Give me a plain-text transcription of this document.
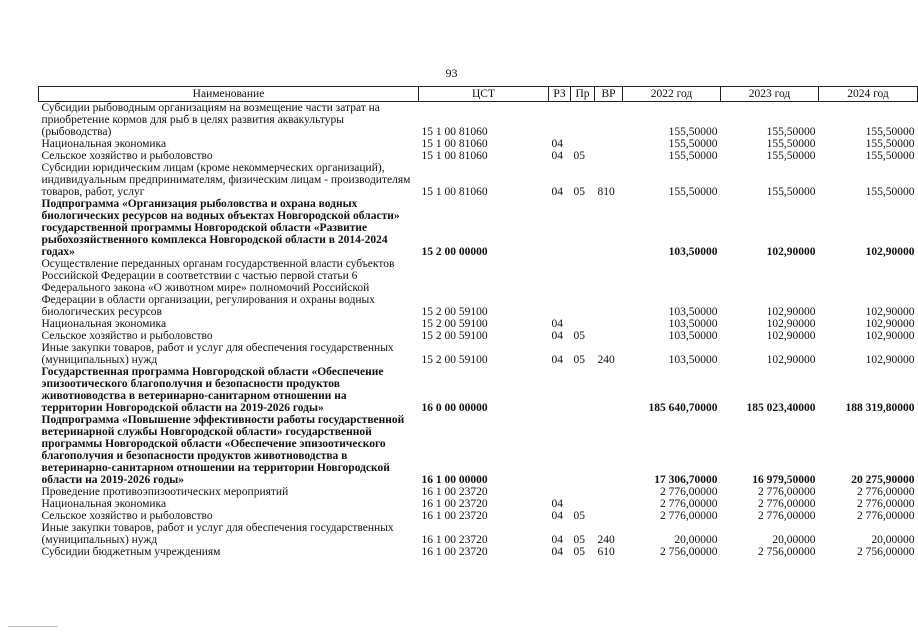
93
Наименование	ЦСТ	РЗ	Пр	ВР	2022 год	2023 год	2024 год
Субсидии рыбоводным организациям на возмещение части затрат на приобретение кормов для рыб в целях развития аквакультуры (рыбоводства)	15 1 00 81060				155,50000	155,50000	155,50000
Национальная экономика	15 1 00 81060	04			155,50000	155,50000	155,50000
Сельское хозяйство и рыболовство	15 1 00 81060	04	05		155,50000	155,50000	155,50000
Субсидии юридическим лицам (кроме некоммерческих организаций), индивидуальным предпринимателям, физическим лицам - производителям товаров, работ, услуг	15 1 00 81060	04	05	810	155,50000	155,50000	155,50000
Подпрограмма «Организация рыболовства и охрана водных биологических ресурсов на водных объектах Новгородской области» государственной программы Новгородской области «Развитие рыбохозяйственного комплекса Новгородской области в 2014-2024 годах»	15 2 00 00000				103,50000	102,90000	102,90000
Осуществление переданных органам государственной власти субъектов Российской Федерации в соответствии с частью первой статьи 6 Федерального закона «О животном мире» полномочий Российской Федерации в области организации, регулирования и охраны водных биологических ресурсов	15 2 00 59100				103,50000	102,90000	102,90000
Национальная экономика	15 2 00 59100	04			103,50000	102,90000	102,90000
Сельское хозяйство и рыболовство	15 2 00 59100	04	05		103,50000	102,90000	102,90000
Иные закупки товаров, работ и услуг для обеспечения государственных (муниципальных) нужд	15 2 00 59100	04	05	240	103,50000	102,90000	102,90000
Государственная программа Новгородской области «Обеспечение эпизоотического благополучия и безопасности продуктов животноводства в ветеринарно-санитарном отношении на территории Новгородской области на 2019-2026 годы»	16 0 00 00000				185 640,70000	185 023,40000	188 319,80000
Подпрограмма «Повышение эффективности работы государственной ветеринарной службы Новгородской области» государственной программы Новгородской области «Обеспечение эпизоотического благополучия и безопасности продуктов животноводства в ветеринарно-санитарном отношении на территории Новгородской области на 2019-2026 годы»	16 1 00 00000				17 306,70000	16 979,50000	20 275,90000
Проведение противоэпизоотических мероприятий	16 1 00 23720				2 776,00000	2 776,00000	2 776,00000
Национальная экономика	16 1 00 23720	04			2 776,00000	2 776,00000	2 776,00000
Сельское хозяйство и рыболовство	16 1 00 23720	04	05		2 776,00000	2 776,00000	2 776,00000
Иные закупки товаров, работ и услуг для обеспечения государственных (муниципальных) нужд	16 1 00 23720	04	05	240	20,00000	20,00000	20,00000
Субсидии бюджетным учреждениям	16 1 00 23720	04	05	610	2 756,00000	2 756,00000	2 756,00000
